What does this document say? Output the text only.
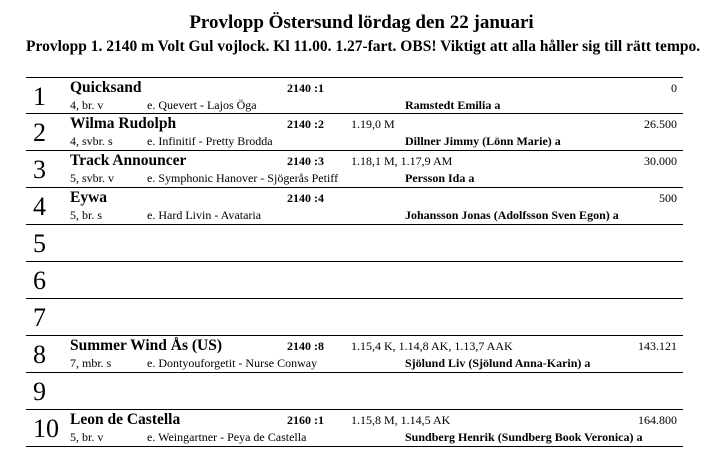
Provlopp Östersund lördag den 22 januari
Provlopp 1. 2140 m Volt Gul vojlock. Kl 11.00. 1.27-fart. OBS! Viktigt att alla håller sig till rätt tempo.
1	Quicksand	2140 :1	0
4, br. v	e. Quevert - Lajos Öga	Ramstedt Emilia a
2	Wilma Rudolph	2140 :2 1.19,0 M	26.500
4, svbr. s	e. Infinitif - Pretty Brodda	Dillner Jimmy (Lönn Marie) a
3	Track Announcer	2140 :3 1.18,1 M, 1.17,9 AM	30.000
5, svbr. v	e. Symphonic Hanover - Sjögerås Petiff	Persson Ida a
4	Eywa	2140 :4	500
5, br. s	e. Hard Livin - Avataria	Johansson Jonas (Adolfsson Sven Egon) a
5
6
7
8	Summer Wind Ås (US)	2140 :8 1.15,4 K, 1.14,8 AK, 1.13,7 AAK	143.121
7, mbr. s	e. Dontyouforgetit - Nurse Conway	Sjölund Liv (Sjölund Anna-Karin) a
9
10 Leon de Castella	2160 :1 1.15,8 M, 1.14,5 AK	164.800
5, br. v	e. Weingartner - Peya de Castella	Sundberg Henrik (Sundberg Book Veronica) a
